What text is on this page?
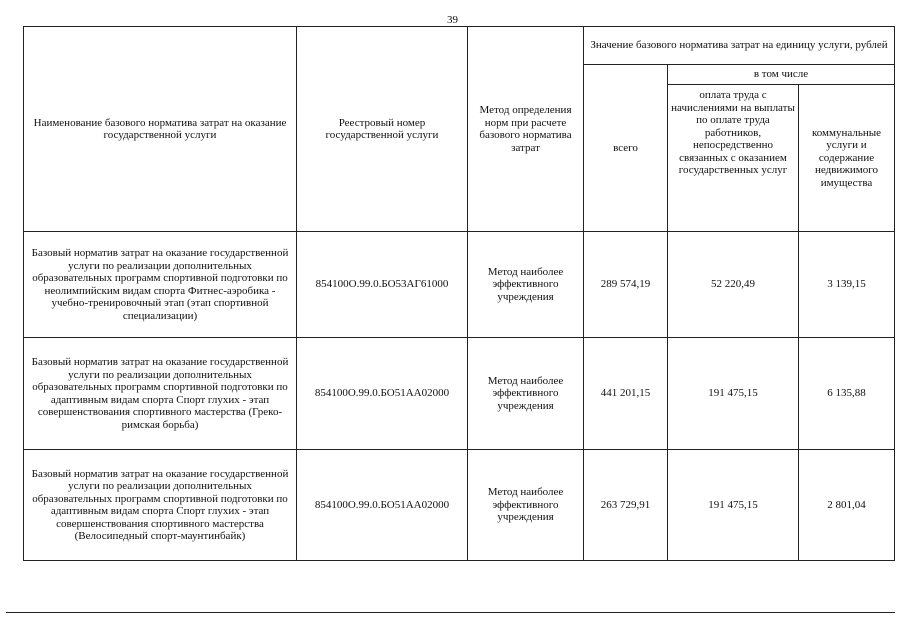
39
Наименование базового норматива затрат на оказание государственной услуги	Реестровый номер государственной услуги	Метод определения норм при расчете базового норматива затрат	Значение базового норматива затрат на единицу услуги, рублей		
			всего	в том числе	
				оплата труда с начислениями на выплаты по оплате труда работников, непосредственно связанных с оказанием государственных услуг	коммунальные услуги и содержание недвижимого имущества
Базовый норматив затрат на оказание государственной услуги по реализации дополнительных образовательных программ спортивной подготовки по неолимпийским видам спорта Фитнес-аэробика - учебно-тренировочный этап (этап спортивной специализации)	854100О.99.0.БО53АГ61000	Метод наиболее эффективного учреждения	289 574,19	52 220,49	3 139,15
Базовый норматив затрат на оказание государственной услуги по реализации дополнительных образовательных программ спортивной подготовки по адаптивным видам спорта Спорт глухих - этап совершенствования спортивного мастерства (Греко-римская борьба)	854100О.99.0.БО51АА02000	Метод наиболее эффективного учреждения	441 201,15	191 475,15	6 135,88
Базовый норматив затрат на оказание государственной услуги по реализации дополнительных образовательных программ спортивной подготовки по адаптивным видам спорта Спорт глухих - этап совершенствования спортивного мастерства (Велосипедный спорт-маунтинбайк)	854100О.99.0.БО51АА02000	Метод наиболее эффективного учреждения	263 729,91	191 475,15	2 801,04
